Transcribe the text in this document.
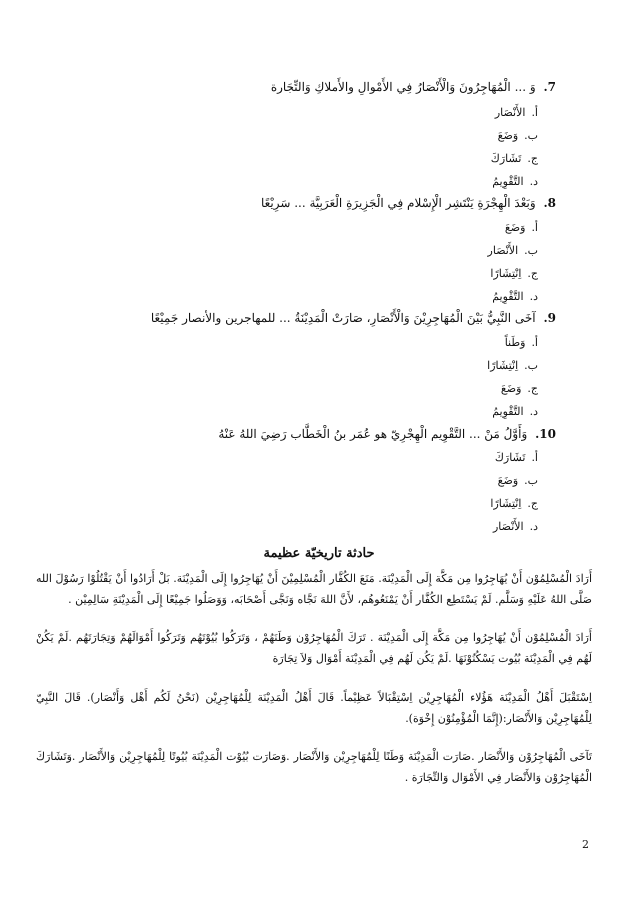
7. وَ ... الْمُهَاجِرُونَ وَالْأَنْصَارُ فِي الأَمْوالِ والأَملاكِ وَالتِّجَارة
أ.الأَنْصَار
ب.وَضَعَ
ج.تَشَارَكَ
د.التَّقْوِيمُ
8. وَبَعْدَ الْهِجْرَةِ يَنْتَشِر الْإِسْلام فِي الْجَزِيرَةِ الْعَرَبِيَّة ... سَرِيْعًا
أ.وَضَعَ
ب.الأَنْصَار
ج.اِنْتِشَارًا
د.التَّقْوِيمُ
9. آخَى النَّبِيُّ بَيْنَ الْمُهَاجِرِيْنَ وَالْأَنْصَارِ، صَارَتْ الْمَدِيْنَةُ ... للمهاجرين والأنصار جَمِيْعًا
أ.وَطَناً
ب.اِنْتِشَارًا
ج.وَضَعَ
د.التَّقْوِيمُ
10. وَأَوَّلُ مَنْ ... التَّقْوِيم الْهِجْرِيّ هو عُمَر بنُ الْخَطَّاب رَضِيَ اللهُ عَنْهُ
أ.تَشَارَكَ
ب.وَضَعَ
ج.اِنْتِشَارًا
د.الأَنْصَار
حادثة تاريخيّة عظيمة
أَرَادَ الْمُسْلِمُوْن أَنْ يُهَاجِرُوا مِن مَكَّة إِلَى الْمَدِيْنَة. مَنَعَ الكُفَّار الْمُسْلِمِيْنَ أَنْ يُهَاجِرُوا إِلَى الْمَدِيْنَة. بَلْ أَرَادُوا أَنْ يَقْتُلُوْا رَسُوْلَ الله صَلَّى اللهُ عَلَيْهِ وَسَلَّم. لَمْ يَسْتَطِع الكُفَّار أَنْ يَمْنَعُوهُم، لأَنَّ اللهَ نَجَّاه وَنَجَّى أَصْحَابَه، وَوَصَلُوا جَمِيْعًا إِلَى الْمَدِيْنَةِ سَالِمِيْن .
أَرَادَ الْمُسْلِمُوْن أَنْ يُهَاجِرُوا مِن مَكَّة إِلَى الْمَدِيْنَة . تَرَكَ الْمُهَاجِرُوْن وَطَنَهُمْ ، وَتَرَكُوا بُيُوْتَهُم وَتَرَكُوا أَمْوَالَهُمْ وَتِجَارَتَهُم .لَمْ يَكُنْ لَهُم فِي الْمَدِيْنَة بُيُوت يَسْكُنُوْنَهَا .لَمْ يَكُن لَهُم فِي الْمَدِيْنَة أَمْوَال وَلاَ تِجَارَة
اِسْتَقْبَلَ أَهْلُ الْمَدِيْنَة هَؤُلاء الْمُهَاجِرِيْن اِسْتِقْبَالاً عَظِيْماً. قَالَ أَهْلُ الْمَدِيْنَة لِلْمُهَاجِرِيْن (نَحْنُ لَكُم أَهْل وَأَنْصَار). قَالَ النَّبِيّ لِلْمُهَاجِرِيْن وَالأَنْصَار:(إِنَّمَا الْمُؤْمِنُوْن إِخْوَة).
تَآخَى الْمُهَاجِرُوْن وَالأَنْصَار .صَارَت الْمَدِيْنَة وَطَنًا لِلْمُهَاجِرِيْن وَالأَنْصَار .وَصَارَت بُيُوْت الْمَدِيْنَة بُيُوتًا لِلْمُهَاجِرِيْن وَالأَنْصَار .وَتَشَارَكَ الْمُهَاجِرُوْن وَالأَنْصَار فِي الأَمْوَال وَالتِّجَارَة .
2
